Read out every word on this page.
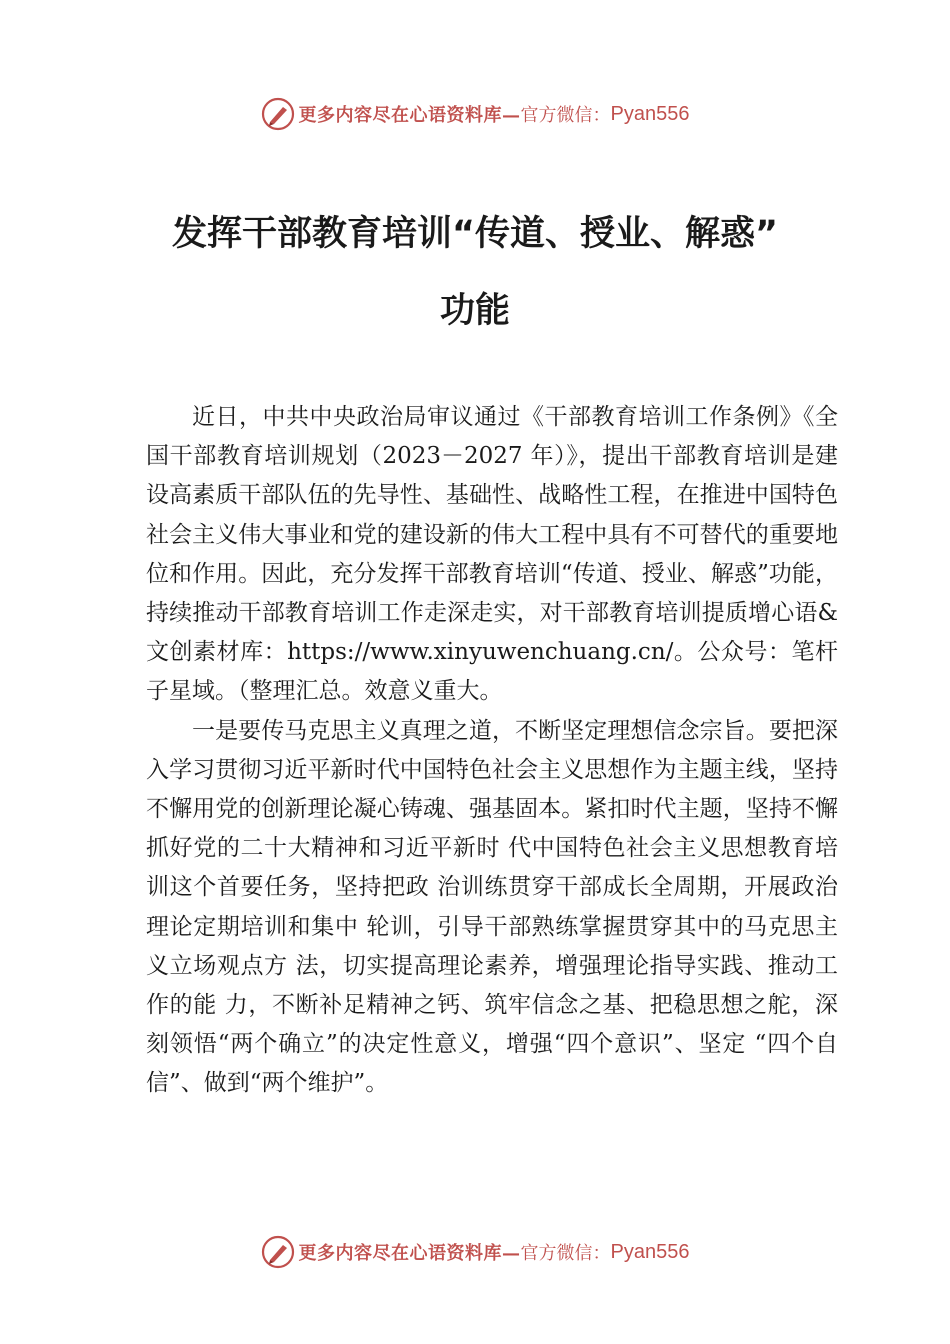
更多内容尽在心语资料库— 官方微信： Pyan556
发挥干部教育培训“传道、授业、解惑”
功能

近日，中共中央政治局审议通过《干部教育培训工作条例》《全国干部教育培训规划（2023－2027 年）》，提出干部教育培训是建设高素质干部队伍的先导性、基础性、战略性工程，在推进中国特色社会主义伟大事业和党的建设新的伟大工程中具有不可替代的重要地位和作用。因此，充分发挥干部教育培训“传道、授业、解惑”功能，持续推动干部教育培训工作走深走实，对干部教育培训提质增心语&文创素材库：https://www.xinyuwenchuang.cn/。公众号：笔杆子星域。（整理汇总。效意义重大。

一是要传马克思主义真理之道，不断坚定理想信念宗旨。要把深入学习贯彻习近平新时代中国特色社会主义思想作为主题主线，坚持不懈用党的创新理论凝心铸魂、强基固本。紧扣时代主题，坚持不懈抓好党的二十大精神和习近平新时 代中国特色社会主义思想教育培训这个首要任务，坚持把政 治训练贯穿干部成长全周期，开展政治理论定期培训和集中 轮训，引导干部熟练掌握贯穿其中的马克思主义立场观点方 法，切实提高理论素养，增强理论指导实践、推动工作的能 力，不断补足精神之钙、筑牢信念之基、把稳思想之舵，深 刻领悟“两个确立”的决定性意义，增强“四个意识”、坚定 “四个自信”、做到“两个维护”。

更多内容尽在心语资料库— 官方微信： Pyan556
